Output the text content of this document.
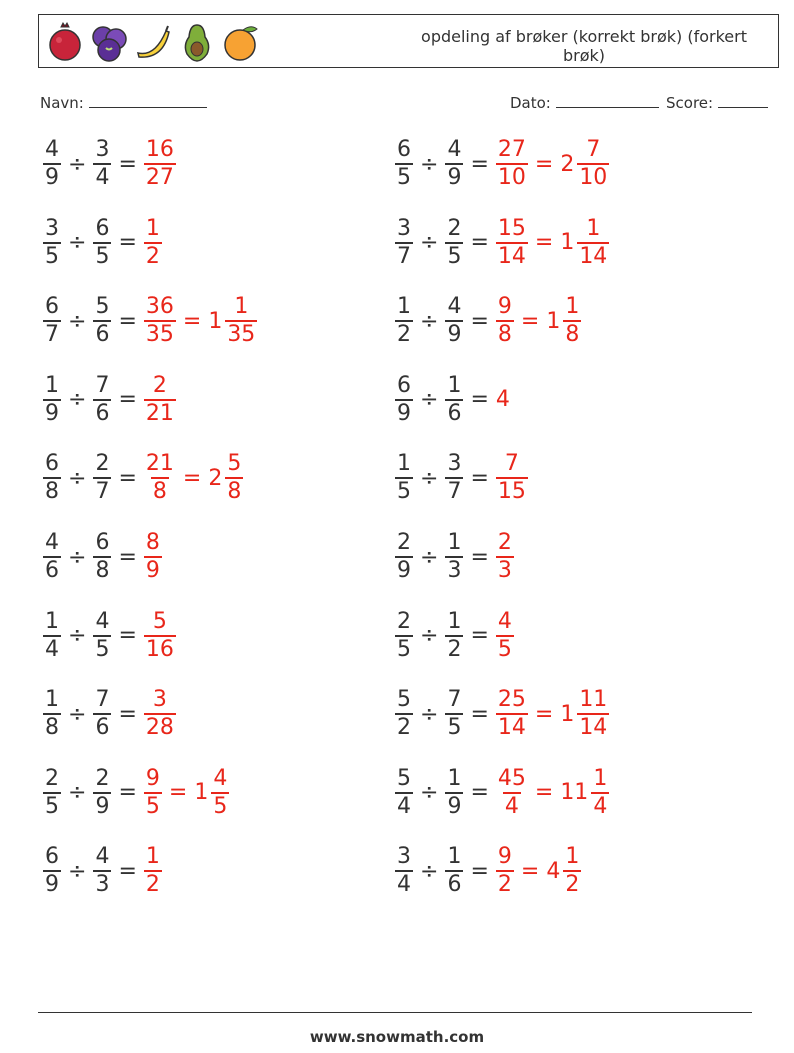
opdeling af brøker (korrekt brøk) (forkert brøk)
Navn:	Dato:	Score:
$\frac{4}{9} \div \frac{3}{4} = \frac{16}{27}$	$\frac{6}{5} \div \frac{4}{9} = \frac{27}{10} = 2 \frac{7}{10}$
$\frac{3}{5} \div \frac{6}{5} = \frac{1}{2}$	$\frac{3}{7} \div \frac{2}{5} = \frac{15}{14} = 1 \frac{1}{14}$
$\frac{6}{7} \div \frac{5}{6} = \frac{36}{35} = 1 \frac{1}{35}$	$\frac{1}{2} \div \frac{4}{9} = \frac{9}{8} = 1 \frac{1}{8}$
$\frac{1}{9} \div \frac{7}{6} = \frac{2}{21}$	$\frac{6}{9} \div \frac{1}{6} = 4$
$\frac{6}{8} \div \frac{2}{7} = \frac{21}{8} = 2 \frac{5}{8}$	$\frac{1}{5} \div \frac{3}{7} = \frac{7}{15}$
$\frac{4}{6} \div \frac{6}{8} = \frac{8}{9}$	$\frac{2}{9} \div \frac{1}{3} = \frac{2}{3}$
$\frac{1}{4} \div \frac{4}{5} = \frac{5}{16}$	$\frac{2}{5} \div \frac{1}{2} = \frac{4}{5}$
$\frac{1}{8} \div \frac{7}{6} = \frac{3}{28}$	$\frac{5}{2} \div \frac{7}{5} = \frac{25}{14} = 1 \frac{11}{14}$
$\frac{2}{5} \div \frac{2}{9} = \frac{9}{5} = 1 \frac{4}{5}$	$\frac{5}{4} \div \frac{1}{9} = \frac{45}{4} = 11 \frac{1}{4}$
$\frac{6}{9} \div \frac{4}{3} = \frac{1}{2}$	$\frac{3}{4} \div \frac{1}{6} = \frac{9}{2} = 4 \frac{1}{2}$
www.snowmath.com
